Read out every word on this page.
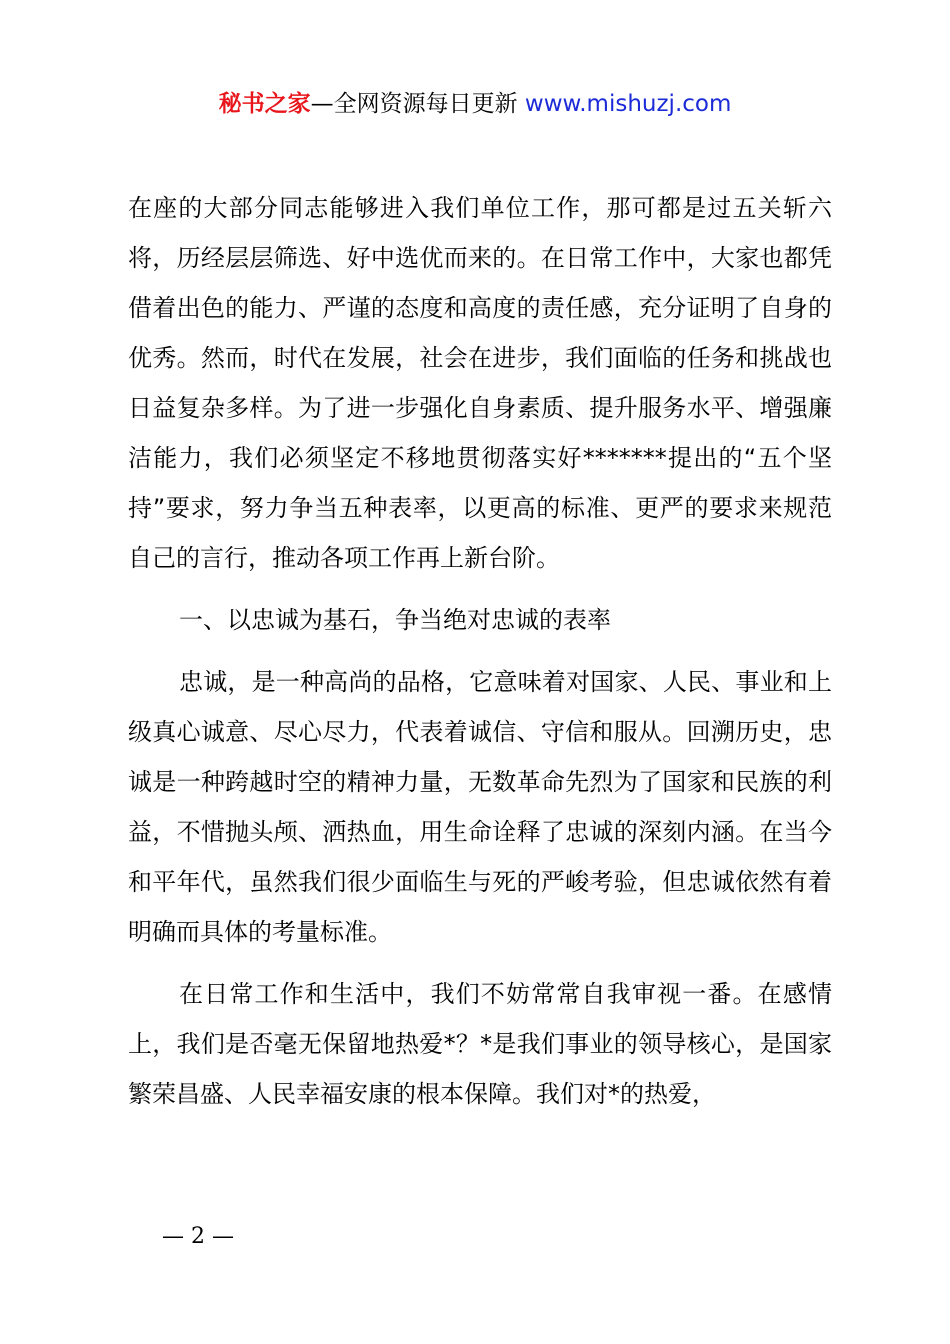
秘书之家—全网资源每日更新 www.mishuzj.com

在座的大部分同志能够进入我们单位工作，那可都是过五关斩六将，历经层层筛选、好中选优而来的。在日常工作中，大家也都凭借着出色的能力、严谨的态度和高度的责任感，充分证明了自身的优秀。然而，时代在发展，社会在进步，我们面临的任务和挑战也日益复杂多样。为了进一步强化自身素质、提升服务水平、增强廉洁能力，我们必须坚定不移地贯彻落实好*******提出的“五个坚持”要求，努力争当五种表率，以更高的标准、更严的要求来规范自己的言行，推动各项工作再上新台阶。

一、以忠诚为基石，争当绝对忠诚的表率

忠诚，是一种高尚的品格，它意味着对国家、人民、事业和上级真心诚意、尽心尽力，代表着诚信、守信和服从。回溯历史，忠诚是一种跨越时空的精神力量，无数革命先烈为了国家和民族的利益，不惜抛头颅、洒热血，用生命诠释了忠诚的深刻内涵。在当今和平年代，虽然我们很少面临生与死的严峻考验，但忠诚依然有着明确而具体的考量标准。

在日常工作和生活中，我们不妨常常自我审视一番。在感情上，我们是否毫无保留地热爱*？*是我们事业的领导核心，是国家繁荣昌盛、人民幸福安康的根本保障。我们对*的热爱，

— 2 —
